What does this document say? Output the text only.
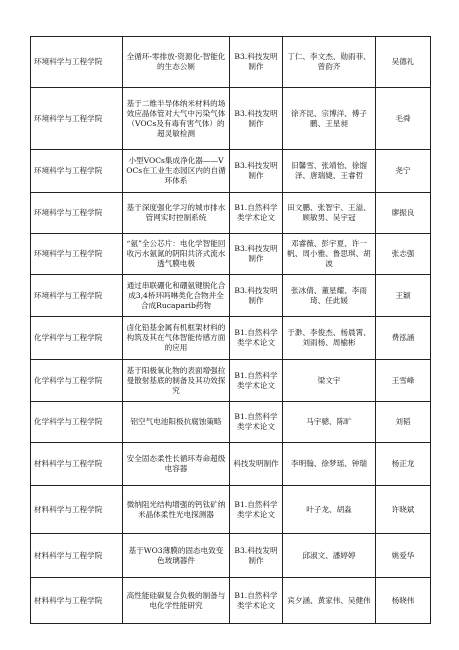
环境科学与工程学院	全循环-零排放-资源化-智能化的生态公厕	B3.科技发明制作	丁仁、李文杰、勋雨菲、曾韵齐	吴德礼
环境科学与工程学院	基于二维半导体纳米材料的场效应晶体管对大气中污染气体（VOCs及有毒有害气体）的超灵敏检测	B3.科技发明制作	徐齐昆、宗博洋、傅子鹏、王星昶	毛舜
环境科学与工程学院	小型VOCs集成净化器——VOCs在工业生态园区内的自循环体系	B3.科技发明制作	旧馨雪、张靖怡、徐馏泽、唐瑞婕、王睿哲	尧宁
环境科学与工程学院	基于深度强化学习的城市排水管网实时控制系统	B1.自然科学类学术论文	田文鹏、张智宇、王溢、顾敏男、吴宇冠	廖振良
环境科学与工程学院	“氨”全公芯片：电化学智能回收污水氨氮的阴阳共济式流水透气膜电极	B3.科技发明制作	邓睿薇、彭宇夏、许一帆、周小雅、鲁思琪、胡波	张志强
环境科学与工程学院	通过串联硼化和硼氨键脱化合成3,4桥环吗啉类化合物并全合成Rucaparib药物	B3.科技发明制作	张冰倩、董星耀、李雨琦、任此媛	王颖
化学科学与工程学院	卤化铅基金属有机框架材料的构筑及其在气体智能传感方面的应用	B1.自然科学类学术论文	于渺、李俊杰、杨晨霄、刘雨杨、周榆彬	费泓涵
化学科学与工程学院	基于阳极氧化物的表面增强拉曼散射基底的制备及其功效探究	B1.自然科学类学术论文	梁文宇	王雪峰
化学科学与工程学院	铝空气电池阳极抗腐蚀策略	B1.自然科学类学术论文	马宇骢、陈旷	刘韬
材料科学与工程学院	安全固态柔性长循环寿命超级电容器	科技发明制作	李明翰、徐梦瑶、钟瑞	杨正龙
材料科学与工程学院	微纳阻光结构增强的钙钛矿纳米晶体柔性光电探测器	B1.自然科学类学术论文	叶子龙、胡淼	许晓斌
材料科学与工程学院	基于WO3薄膜的固态电致变色玻璃器件	B3.科技发明制作	邱淑文、潘婷婷	姚爱华
材料科学与工程学院	高性能硅碳复合负极的制备与电化学性能研究	B1.自然科学类学术论文	宾夕涵、黄家伟、吴健伟	杨晓伟
